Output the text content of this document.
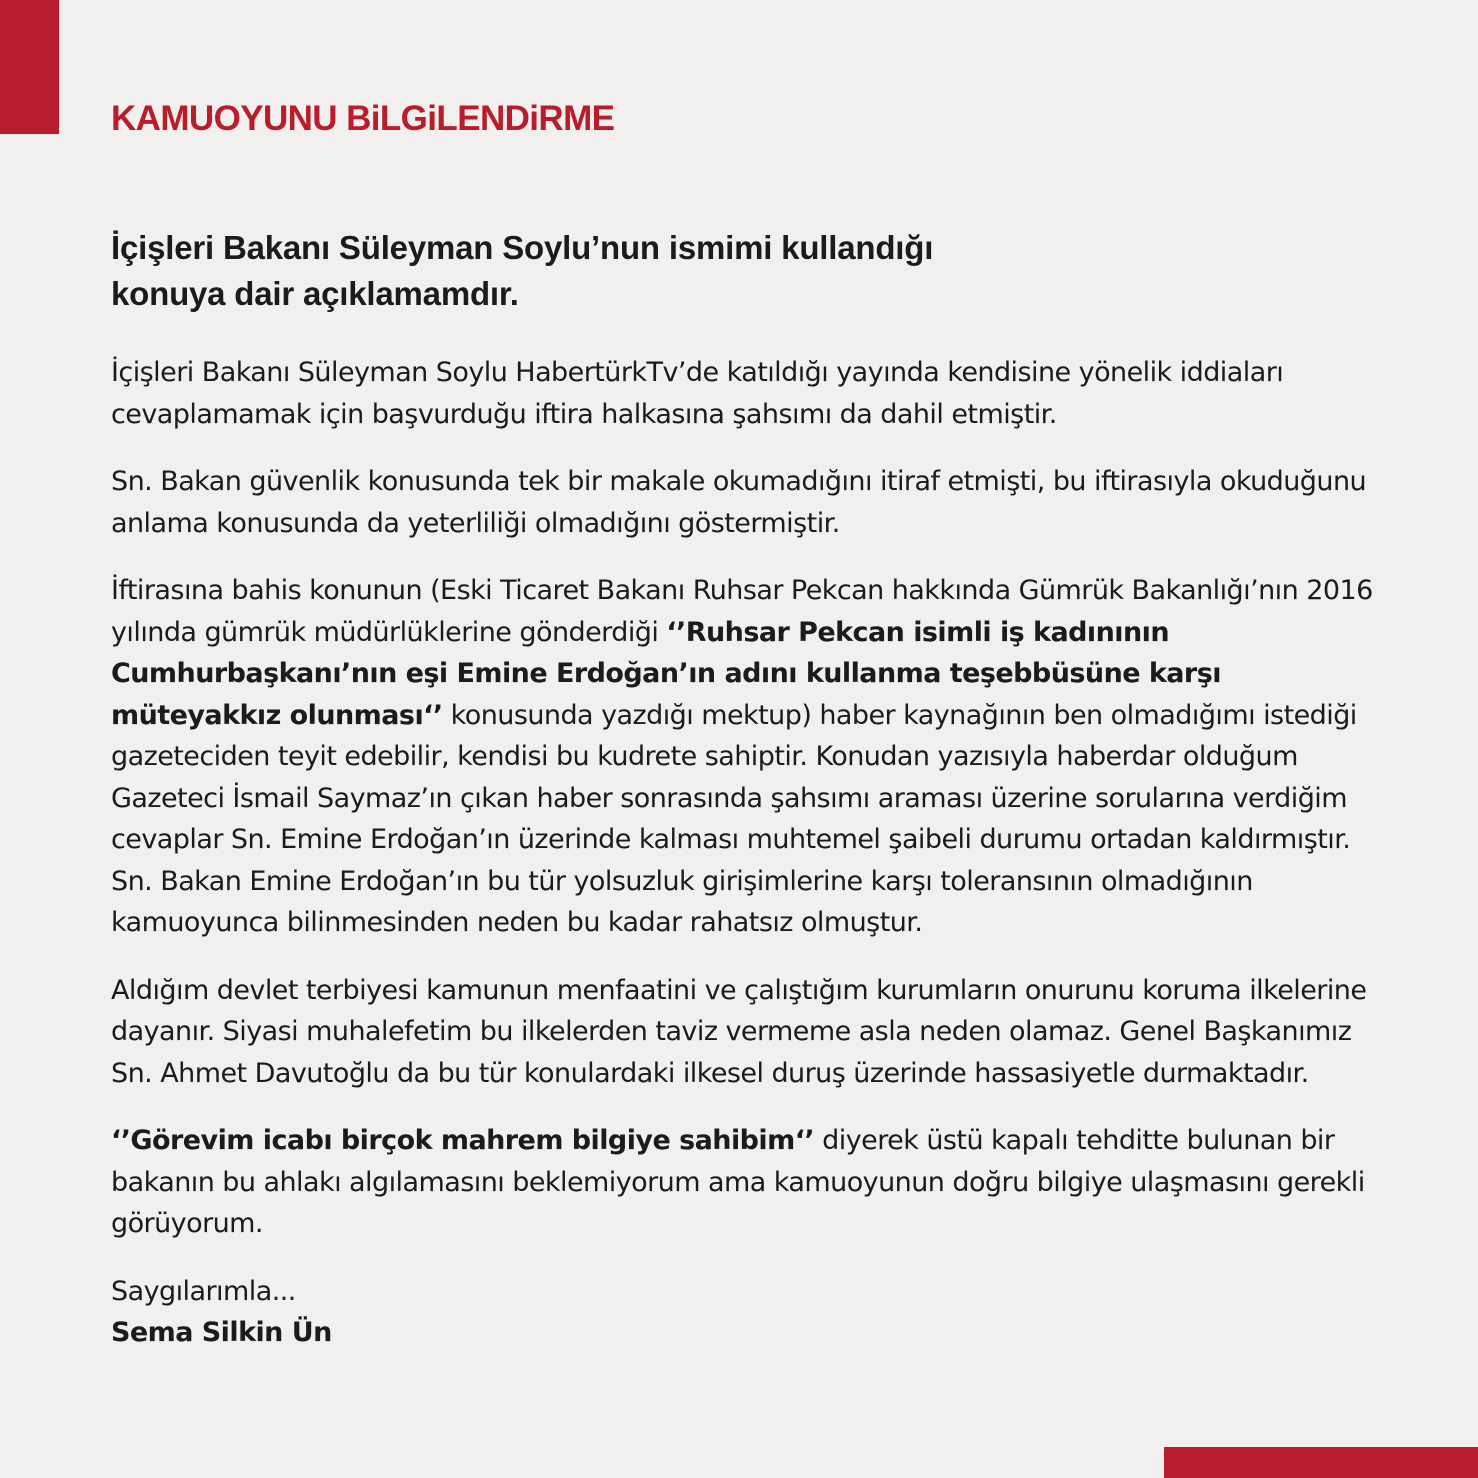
KAMUOYUNU BiLGiLENDiRME
İçişleri Bakanı Süleyman Soylu’nun ismimi kullandığı
konuya dair açıklamamdır.

İçişleri Bakanı Süleyman Soylu HabertürkTv’de katıldığı yayında kendisine yönelik iddiaları cevaplamamak için başvurduğu iftira halkasına şahsımı da dahil etmiştir.

Sn. Bakan güvenlik konusunda tek bir makale okumadığını itiraf etmişti, bu iftirasıyla okuduğunu anlama konusunda da yeterliliği olmadığını göstermiştir.

İftirasına bahis konunun (Eski Ticaret Bakanı Ruhsar Pekcan hakkında Gümrük Bakanlığı’nın 2016 yılında gümrük müdürlüklerine gönderdiği ‘’Ruhsar Pekcan isimli iş kadınının Cumhurbaşkanı’nın eşi Emine Erdoğan’ın adını kullanma teşebbüsüne karşı müteyakkız olunması‘’ konusunda yazdığı mektup) haber kaynağının ben olmadığımı istediği gazeteciden teyit edebilir, kendisi bu kudrete sahiptir. Konudan yazısıyla haberdar olduğum Gazeteci İsmail Saymaz’ın çıkan haber sonrasında şahsımı araması üzerine sorularına verdiğim cevaplar Sn. Emine Erdoğan’ın üzerinde kalması muhtemel şaibeli durumu ortadan kaldırmıştır. Sn. Bakan Emine Erdoğan’ın bu tür yolsuzluk girişimlerine karşı toleransının olmadığının kamuoyunca bilinmesinden neden bu kadar rahatsız olmuştur.

Aldığım devlet terbiyesi kamunun menfaatini ve çalıştığım kurumların onurunu koruma ilkelerine dayanır. Siyasi muhalefetim bu ilkelerden taviz vermeme asla neden olamaz. Genel Başkanımız Sn. Ahmet Davutoğlu da bu tür konulardaki ilkesel duruş üzerinde hassasiyetle durmaktadır.

‘’Görevim icabı birçok mahrem bilgiye sahibim‘’ diyerek üstü kapalı tehditte bulunan bir bakanın bu ahlakı algılamasını beklemiyorum ama kamuoyunun doğru bilgiye ulaşmasını gerekli görüyorum.

Saygılarımla...
Sema Silkin Ün
